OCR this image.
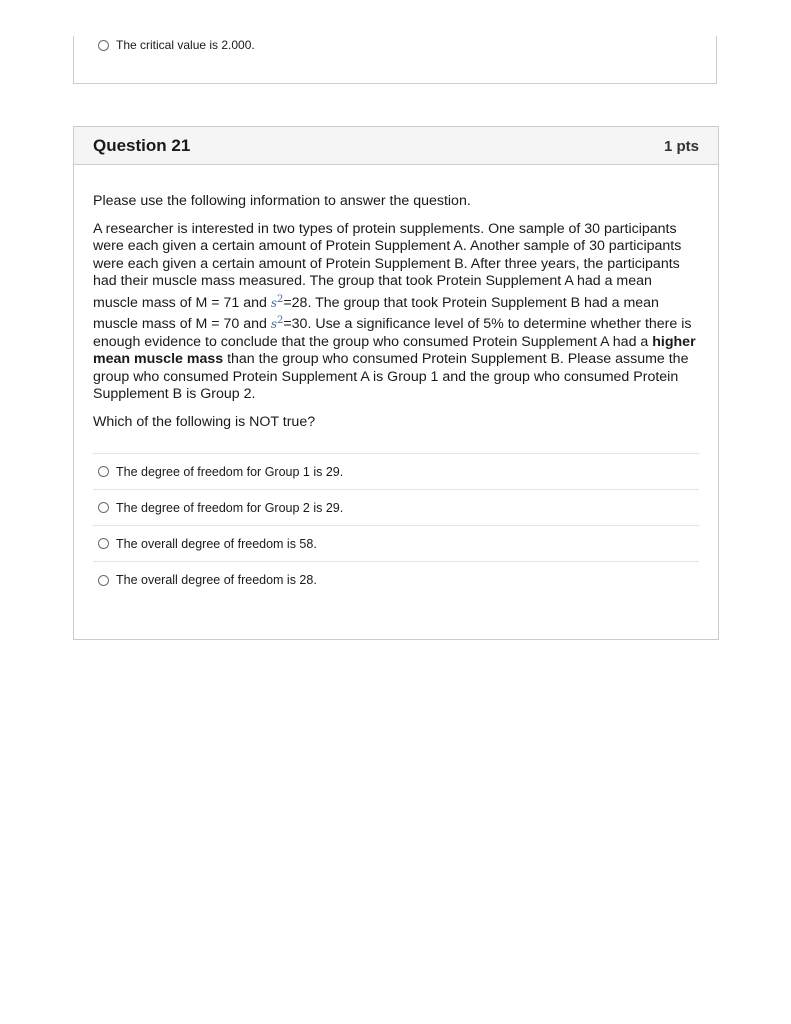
The critical value is 2.000.
Question 21	1 pts

Please use the following information to answer the question.

A researcher is interested in two types of protein supplements. One sample of 30 participants were each given a certain amount of Protein Supplement A. Another sample of 30 participants were each given a certain amount of Protein Supplement B. After three years, the participants had their muscle mass measured. The group that took Protein Supplement A had a mean muscle mass of M = 71 and $s^2=28$. The group that took Protein Supplement B had a mean muscle mass of M = 70 and $s^2=30$. Use a significance level of 5% to determine whether there is enough evidence to conclude that the group who consumed Protein Supplement A had a higher mean muscle mass than the group who consumed Protein Supplement B. Please assume the group who consumed Protein Supplement A is Group 1 and the group who consumed Protein Supplement B is Group 2.

Which of the following is NOT true?

The degree of freedom for Group 1 is 29.
The degree of freedom for Group 2 is 29.
The overall degree of freedom is 58.
The overall degree of freedom is 28.
